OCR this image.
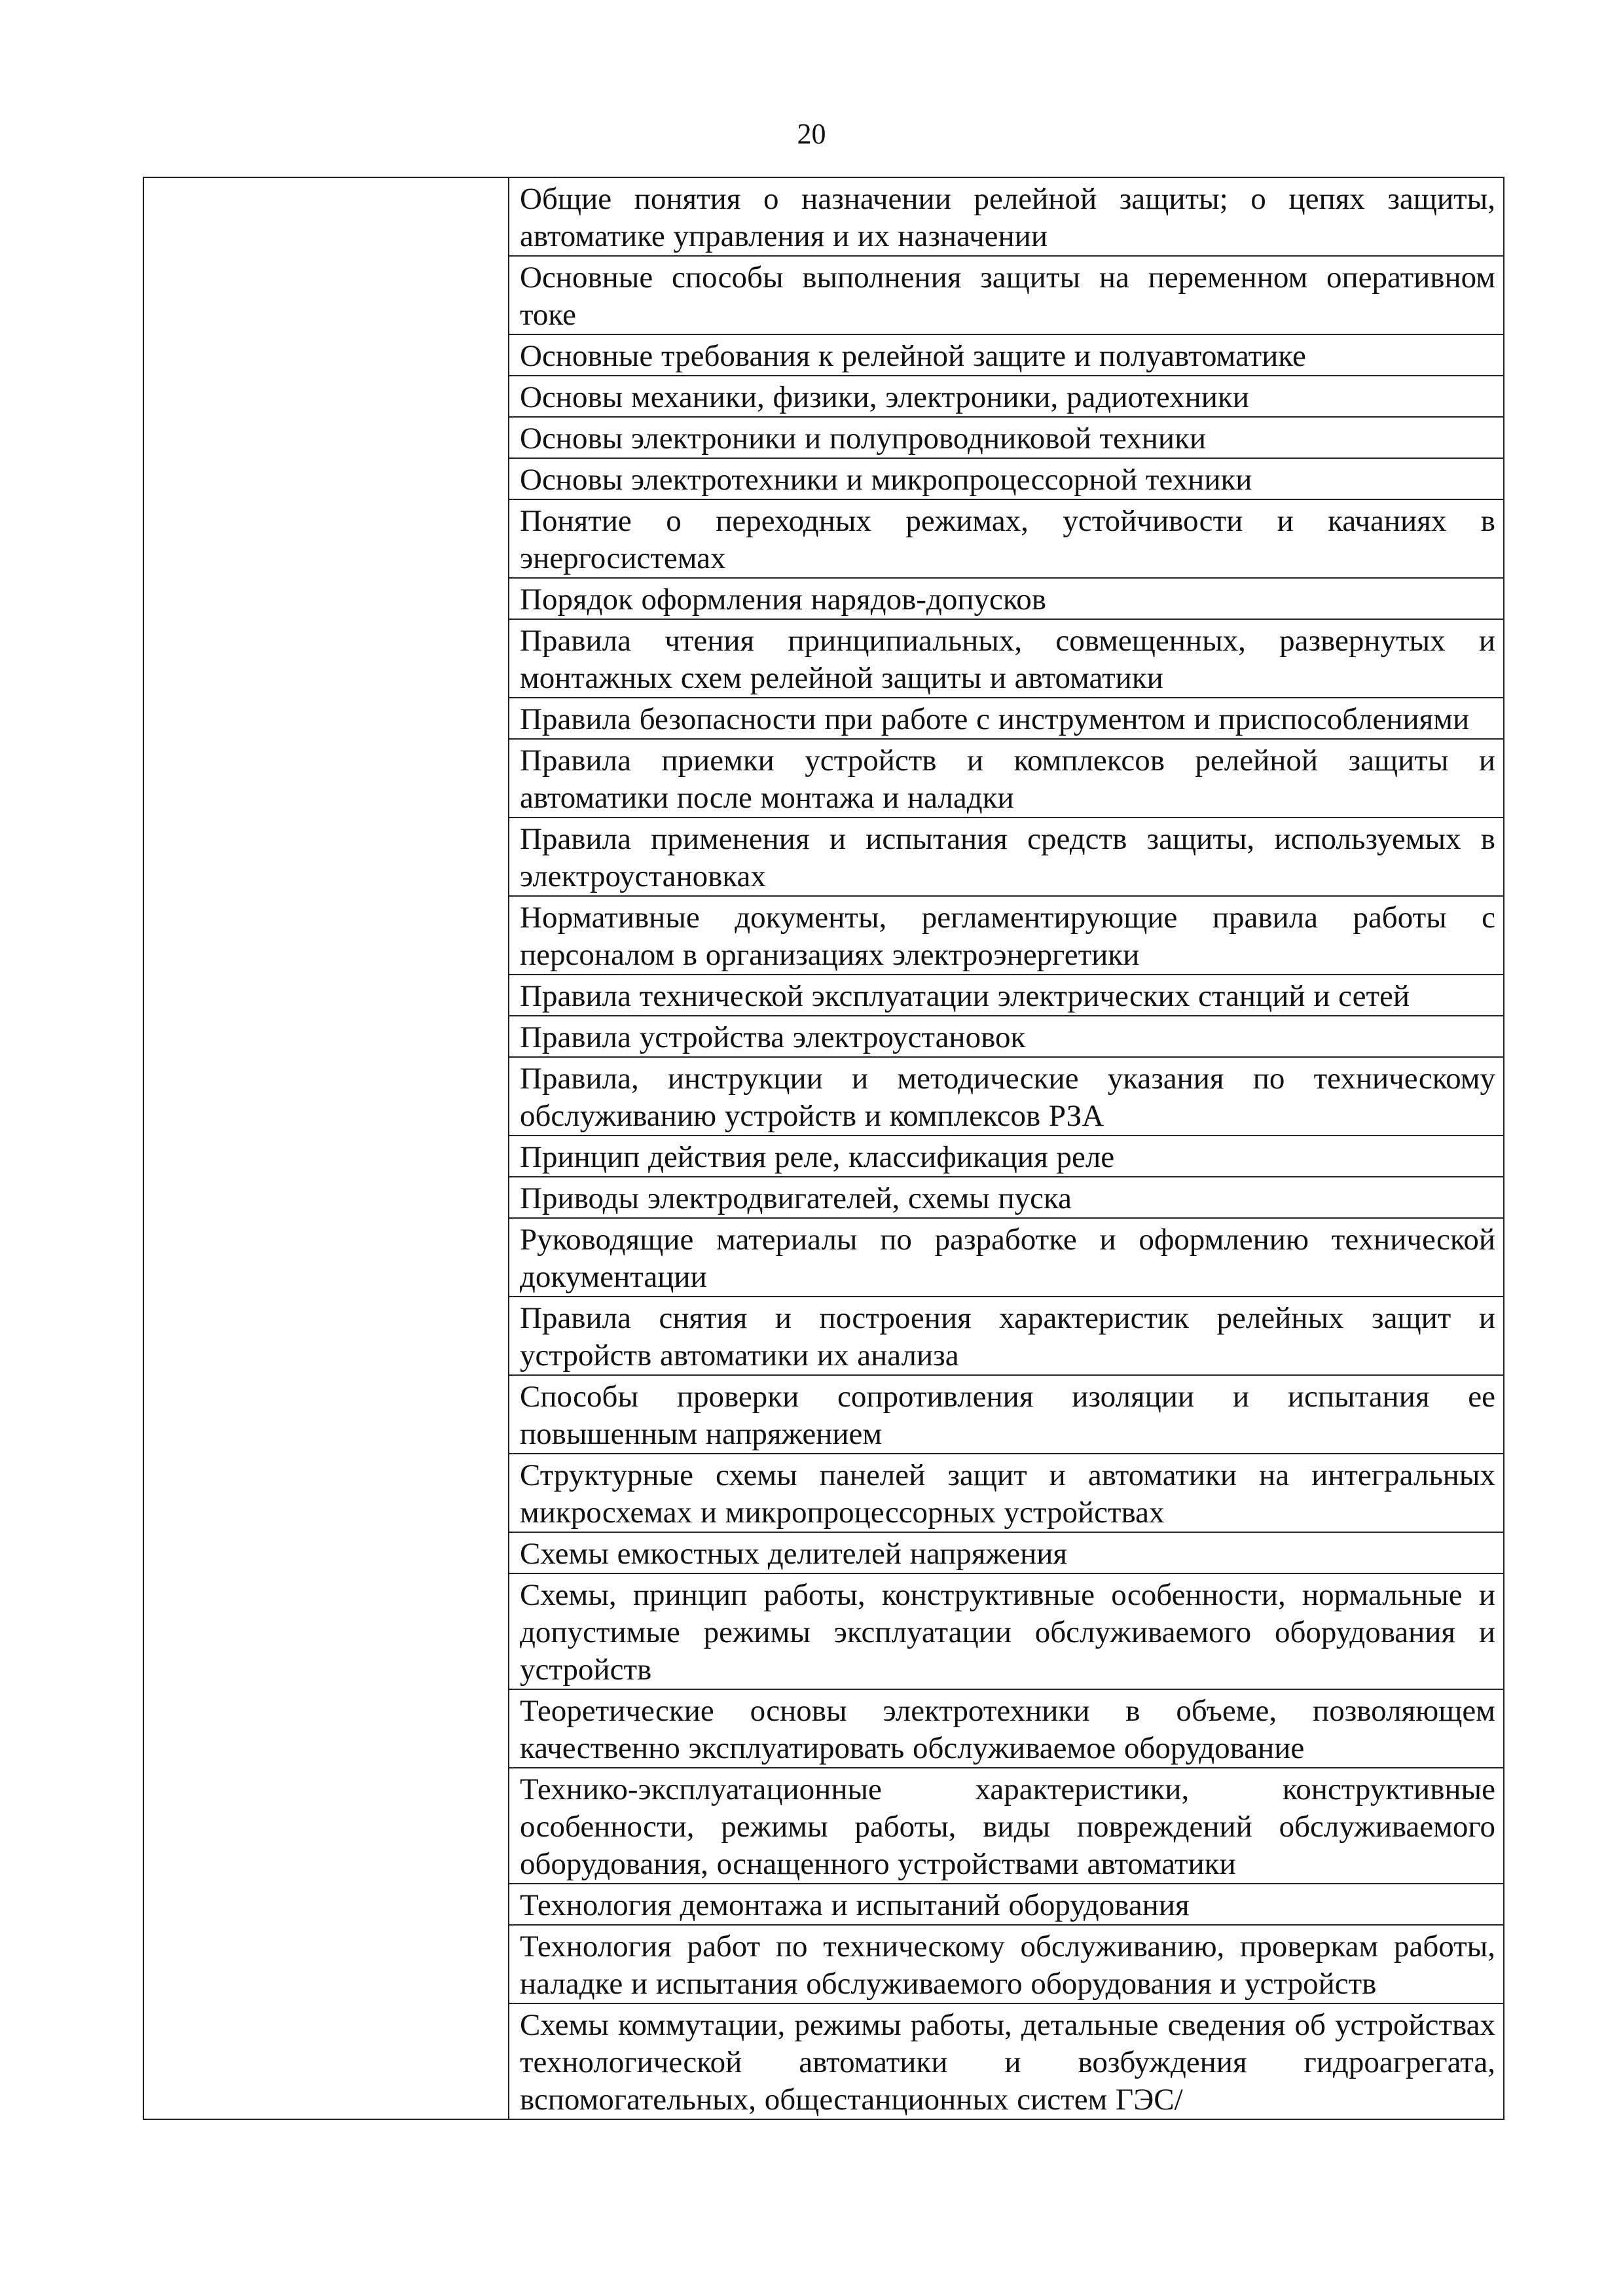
20

Общие понятия о назначении релейной защиты; о цепях защиты, автоматике управления и их назначении

Основные способы выполнения защиты на переменном оперативном токе

Основные требования к релейной защите и полуавтоматике

Основы механики, физики, электроники, радиотехники

Основы электроники и полупроводниковой техники

Основы электротехники и микропроцессорной техники

Понятие о переходных режимах, устойчивости и качаниях в энергосистемах

Порядок оформления нарядов-допусков

Правила чтения принципиальных, совмещенных, развернутых и монтажных схем релейной защиты и автоматики

Правила безопасности при работе с инструментом и приспособлениями

Правила приемки устройств и комплексов релейной защиты и автоматики после монтажа и наладки

Правила применения и испытания средств защиты, используемых в электроустановках

Нормативные документы, регламентирующие правила работы с персоналом в организациях электроэнергетики

Правила технической эксплуатации электрических станций и сетей

Правила устройства электроустановок

Правила, инструкции и методические указания по техническому обслуживанию устройств и комплексов РЗА

Принцип действия реле, классификация реле

Приводы электродвигателей, схемы пуска

Руководящие материалы по разработке и оформлению технической документации

Правила снятия и построения характеристик релейных защит и устройств автоматики их анализа

Способы проверки сопротивления изоляции и испытания ее повышенным напряжением

Структурные схемы панелей защит и автоматики на интегральных микросхемах и микропроцессорных устройствах

Схемы емкостных делителей напряжения

Схемы, принцип работы, конструктивные особенности, нормальные и допустимые режимы эксплуатации обслуживаемого оборудования и устройств

Теоретические основы электротехники в объеме, позволяющем качественно эксплуатировать обслуживаемое оборудование

Технико-эксплуатационные характеристики, конструктивные особенности, режимы работы, виды повреждений обслуживаемого оборудования, оснащенного устройствами автоматики

Технология демонтажа и испытаний оборудования

Технология работ по техническому обслуживанию, проверкам работы, наладке и испытания обслуживаемого оборудования и устройств

Схемы коммутации, режимы работы, детальные сведения об устройствах технологической автоматики и возбуждения гидроагрегата, вспомогательных, общестанционных систем ГЭС/
